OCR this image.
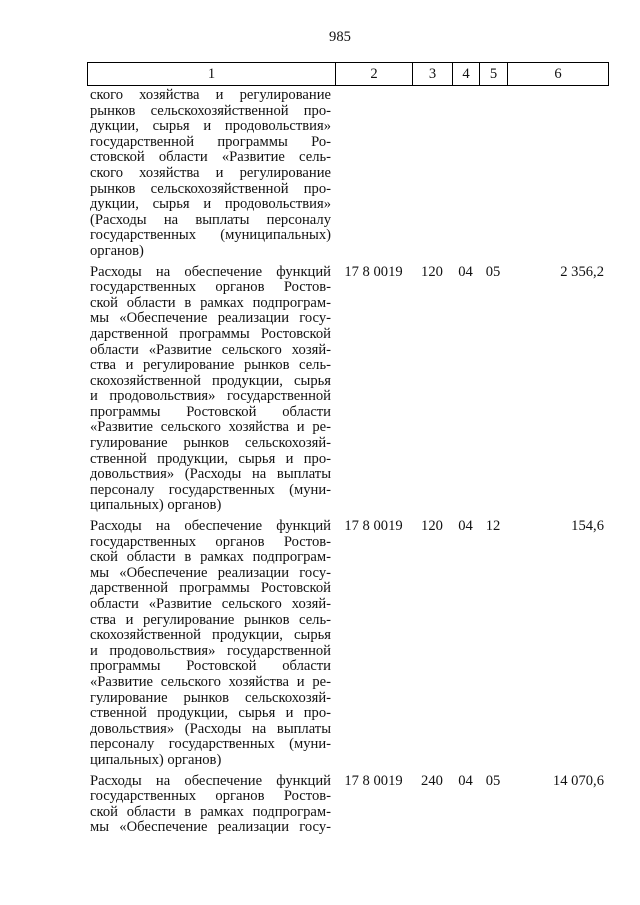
985
1	2	3	4	5	6
ского хозяйства и регулирование
рынков сельскохозяйственной про-
дукции, сырья и продовольствия»
государственной программы Ро-
стовской области «Развитие сель-
ского хозяйства и регулирование
рынков сельскохозяйственной про-
дукции, сырья и продовольствия»
(Расходы на выплаты персоналу
государственных (муниципальных)
органов)
Расходы на обеспечение функций
государственных органов Ростов-
ской области в рамках подпрограм-
мы «Обеспечение реализации госу-
дарственной программы Ростовской
области «Развитие сельского хозяй-
ства и регулирование рынков сель-
скохозяйственной продукции, сырья
и продовольствия» государственной
программы Ростовской области
«Развитие сельского хозяйства и ре-
гулирование рынков сельскохозяй-
ственной продукции, сырья и про-
довольствия» (Расходы на выплаты
персоналу государственных (муни-
ципальных) органов)
17 8 0019	120	04 05	2 356,2
Расходы на обеспечение функций
государственных органов Ростов-
ской области в рамках подпрограм-
мы «Обеспечение реализации госу-
дарственной программы Ростовской
области «Развитие сельского хозяй-
ства и регулирование рынков сель-
скохозяйственной продукции, сырья
и продовольствия» государственной
программы Ростовской области
«Развитие сельского хозяйства и ре-
гулирование рынков сельскохозяй-
ственной продукции, сырья и про-
довольствия» (Расходы на выплаты
персоналу государственных (муни-
ципальных) органов)
17 8 0019	120	04 12	154,6
Расходы на обеспечение функций
государственных органов Ростов-
ской области в рамках подпрограм-
мы «Обеспечение реализации госу-
17 8 0019	240	04 05	14 070,6
